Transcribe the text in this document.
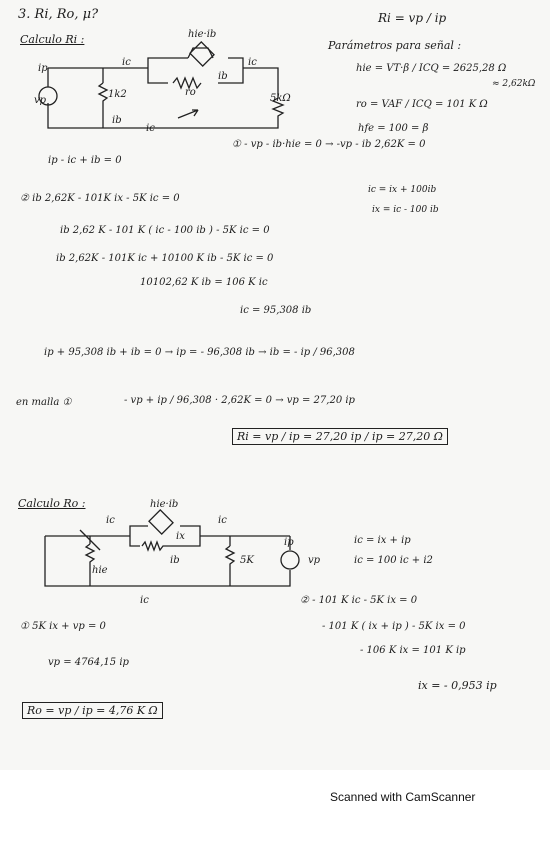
3. Ri, Ro, μ?
Calculo Ri :
Ri = vp / ip
hie·ib
ip
vp
ic	ic
ib
ro
1k2	5kΩ
ib
ic
Parámetros para señal :
hie = VT·β / ICQ = 2625,28 Ω
≈ 2,62kΩ
ro = VAF / ICQ = 101 K Ω
hfe = 100 = β
ip - ic + ib = 0
① - vp - ib·hie = 0 → -vp - ib 2,62K = 0
② ib 2,62K - 101K ix - 5K ic = 0
ic = ix + 100ib
ix = ic - 100 ib
ib 2,62 K - 101 K ( ic - 100 ib ) - 5K ic = 0
ib 2,62K - 101K ic + 10100 K ib - 5K ic = 0
10102,62 K ib = 106 K ic
ic = 95,308 ib
ip + 95,308 ib + ib = 0 → ip = - 96,308 ib → ib = - ip / 96,308
en malla ①	- vp + ip / 96,308 · 2,62K = 0 → vp = 27,20 ip
Ri = vp / ip = 27,20 ip / ip = 27,20 Ω
Calculo Ro :	hie·ib
ic	ic
ip
vp
ix
hie
ib	5K
ic
ic = ix + ip
ic = 100 ic + i2
① 5K ix + vp = 0
② - 101 K ic - 5K ix = 0
- 101 K ( ix + ip ) - 5K ix = 0
- 106 K ix = 101 K ip
vp = 4764,15 ip
ix = - 0,953 ip
Ro = vp / ip = 4,76 K Ω
Scanned with CamScanner
